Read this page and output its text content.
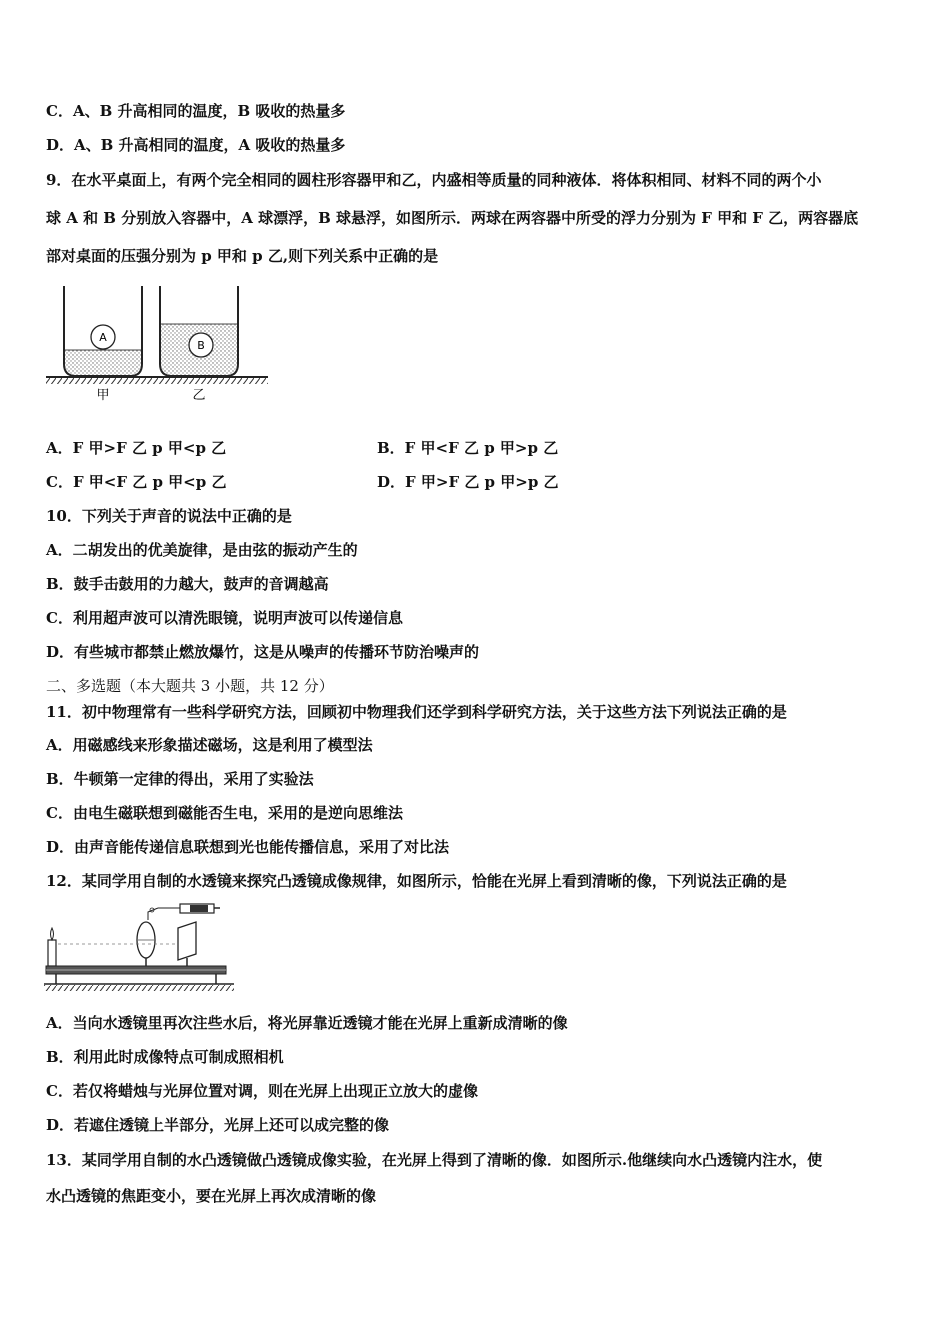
C．A、B 升高相同的温度，B 吸收的热量多
D．A、B 升高相同的温度，A 吸收的热量多
9．在水平桌面上，有两个完全相同的圆柱形容器甲和乙，内盛相等质量的同种液体．将体积相同、材料不同的两个小
球 A 和 B 分别放入容器中，A 球漂浮，B 球悬浮，如图所示．两球在两容器中所受的浮力分别为 F 甲和 F 乙，两容器底
部对桌面的压强分别为 p 甲和 p 乙,则下列关系中正确的是
A
B
甲	乙
A．F 甲>F 乙 p 甲<p 乙	B．F 甲<F 乙 p 甲>p 乙
C．F 甲<F 乙 p 甲<p 乙	D．F 甲>F 乙 p 甲>p 乙
10．下列关于声音的说法中正确的是
A．二胡发出的优美旋律，是由弦的振动产生的
B．鼓手击鼓用的力越大，鼓声的音调越高
C．利用超声波可以清洗眼镜，说明声波可以传递信息
D．有些城市都禁止燃放爆竹，这是从噪声的传播环节防治噪声的
二、多选题（本大题共 3 小题，共 12 分）
11．初中物理常有一些科学研究方法，回顾初中物理我们还学到科学研究方法，关于这些方法下列说法正确的是
A．用磁感线来形象描述磁场，这是利用了模型法
B．牛顿第一定律的得出，采用了实验法
C．由电生磁联想到磁能否生电，采用的是逆向思维法
D．由声音能传递信息联想到光也能传播信息，采用了对比法
12．某同学用自制的水透镜来探究凸透镜成像规律，如图所示，恰能在光屏上看到清晰的像，下列说法正确的是
A．当向水透镜里再次注些水后，将光屏靠近透镜才能在光屏上重新成清晰的像
B．利用此时成像特点可制成照相机
C．若仅将蜡烛与光屏位置对调，则在光屏上出现正立放大的虚像
D．若遮住透镜上半部分，光屏上还可以成完整的像
13．某同学用自制的水凸透镜做凸透镜成像实验，在光屏上得到了清晰的像．如图所示.他继续向水凸透镜内注水，使
水凸透镜的焦距变小，要在光屏上再次成清晰的像
